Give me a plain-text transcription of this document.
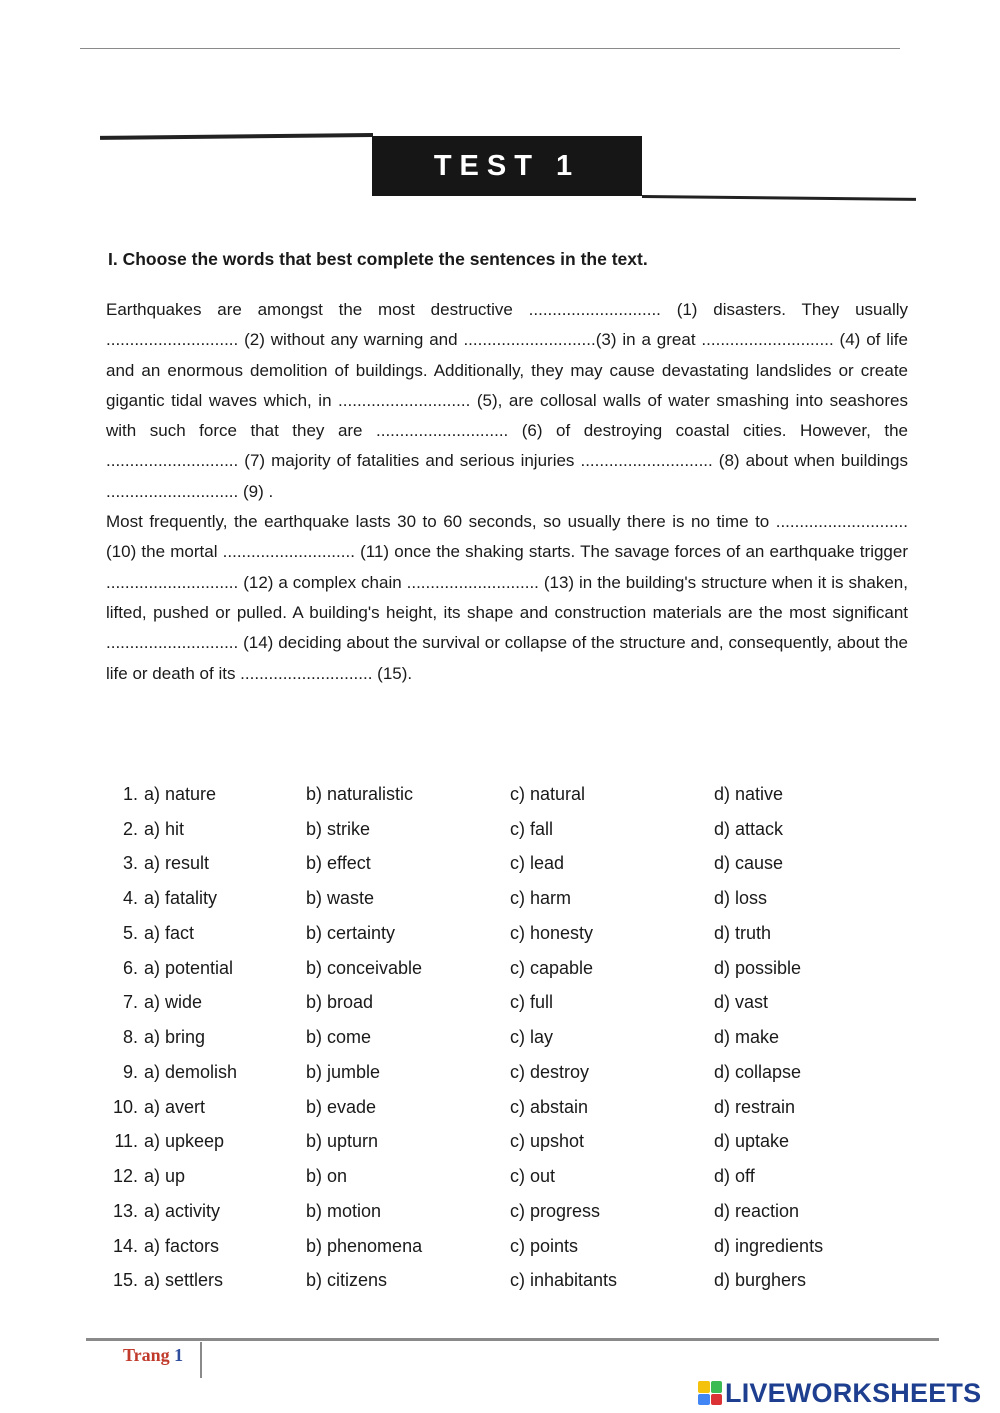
TEST 1

I. Choose the words that best complete the sentences in the text.

Earthquakes are amongst the most destructive ............................ (1) disasters. They usually ............................ (2) without any warning and ............................(3) in a great ............................ (4) of life and an enormous demolition of buildings. Additionally, they may cause devastating landslides or create gigantic tidal waves which, in ............................ (5), are collosal walls of water smashing into seashores with such force that they are ............................ (6) of destroying coastal cities. However, the ............................ (7) majority of fatalities and serious injuries ............................ (8) about when buildings ............................ (9) .

Most frequently, the earthquake lasts 30 to 60 seconds, so usually there is no time to ............................ (10) the mortal ............................ (11) once the shaking starts. The savage forces of an earthquake trigger ............................ (12) a complex chain ............................ (13) in the building's structure when it is shaken, lifted, pushed or pulled. A building's height, its shape and construction materials are the most significant ............................ (14) deciding about the survival or collapse of the structure and, consequently, about the life or death of its ............................ (15).

1.	a) nature	b) naturalistic	c) natural	d) native
2.	a) hit	b) strike	c) fall	d) attack
3.	a) result	b) effect	c) lead	d) cause
4.	a) fatality	b) waste	c) harm	d) loss
5.	a) fact	b) certainty	c) honesty	d) truth
6.	a) potential	b) conceivable	c) capable	d) possible
7.	a) wide	b) broad	c) full	d) vast
8.	a) bring	b) come	c) lay	d) make
9.	a) demolish	b) jumble	c) destroy	d) collapse
10.	a) avert	b) evade	c) abstain	d) restrain
11.	a) upkeep	b) upturn	c) upshot	d) uptake
12.	a) up	b) on	c) out	d) off
13.	a) activity	b) motion	c) progress	d) reaction
14.	a) factors	b) phenomena	c) points	d) ingredients
15.	a) settlers	b) citizens	c) inhabitants	d) burghers
Trang 1
LIVEWORKSHEETS
